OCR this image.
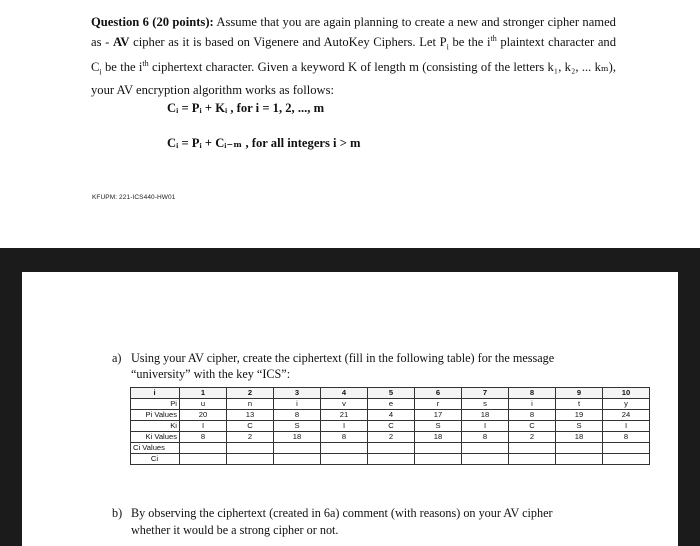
Question 6 (20 points): Assume that you are again planning to create a new and stronger cipher named as - AV cipher as it is based on Vigenere and AutoKey Ciphers. Let $P_i$ be the $i^{th}$ plaintext character and $C_i$ be the $i^{th}$ ciphertext character. Given a keyword K of length m (consisting of the letters k₁, k₂, ... kₘ), your AV encryption algorithm works as follows:
Cᵢ = Pᵢ + Kᵢ , for i = 1, 2, ..., m
Cᵢ = Pᵢ + Cᵢ₋ₘ , for all integers i > m
KFUPM: 221-ICS440-HW01
a) Using your AV cipher, create the ciphertext (fill in the following table) for the message
“university” with the key “ICS”:
i	1	2	3	4	5	6	7	8	9	10
Pi	u	n	i	v	e	r	s	i	t	y
Pi Values	20	13	8	21	4	17	18	8	19	24
Ki	I	C	S	I	C	S	I	C	S	I
Ki Values	8	2	18	8	2	18	8	2	18	8
Ci Values										
Ci										
b) By observing the ciphertext (created in 6a) comment (with reasons) on your AV cipher
whether it would be a strong cipher or not.
